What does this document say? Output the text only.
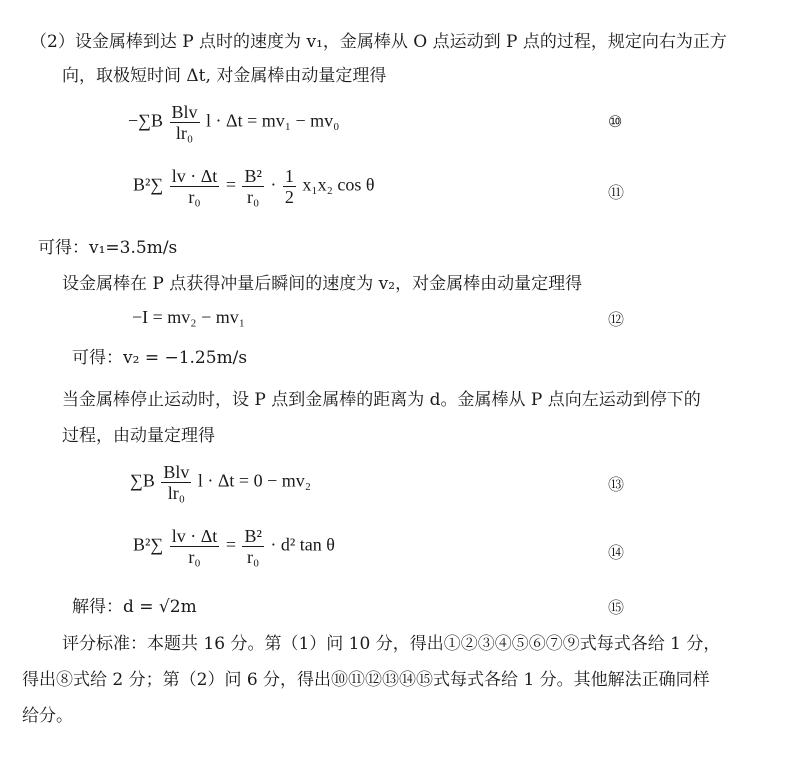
（2）设金属棒到达 P 点时的速度为 v₁，金属棒从 O 点运动到 P 点的过程，规定向右为正方
向，取极短时间 Δt, 对金属棒由动量定理得
$-\sum B \frac{\text{Blv}}{\text{lr₀}}$ l · Δt = mv₁ − mv₀	⑩
$B^2\sum \frac{lv \cdot \Delta t}{\text{r₀}} = \frac{\text{B²}}{\text{r₀}} \cdot \frac{1}{2} x_1x_2$ cos θ	⑪
可得：v₁=3.5m/s
设金属棒在 P 点获得冲量后瞬间的速度为 v₂，对金属棒由动量定理得
−I = mv₂ − mv₁	⑫
可得：v₂ = −1.25m/s
当金属棒停止运动时，设 P 点到金属棒的距离为 d。金属棒从 P 点向左运动到停下的
过程，由动量定理得
$\sum B \frac{\text{Blv}}{\text{lr₀}}$ l · Δt = 0 − mv₂	⑬
$B^2\sum \frac{lv \cdot \Delta t}{\text{r₀}} = \frac{\text{B²}}{\text{r₀}} \cdot d^2$ tan θ	⑭
解得：d = √2m	⑮
评分标准：本题共 16 分。第（1）问 10 分，得出①②③④⑤⑥⑦⑨式每式各给 1 分，
得出⑧式给 2 分；第（2）问 6 分，得出⑩⑪⑫⑬⑭⑮式每式各给 1 分。其他解法正确同样
给分。
